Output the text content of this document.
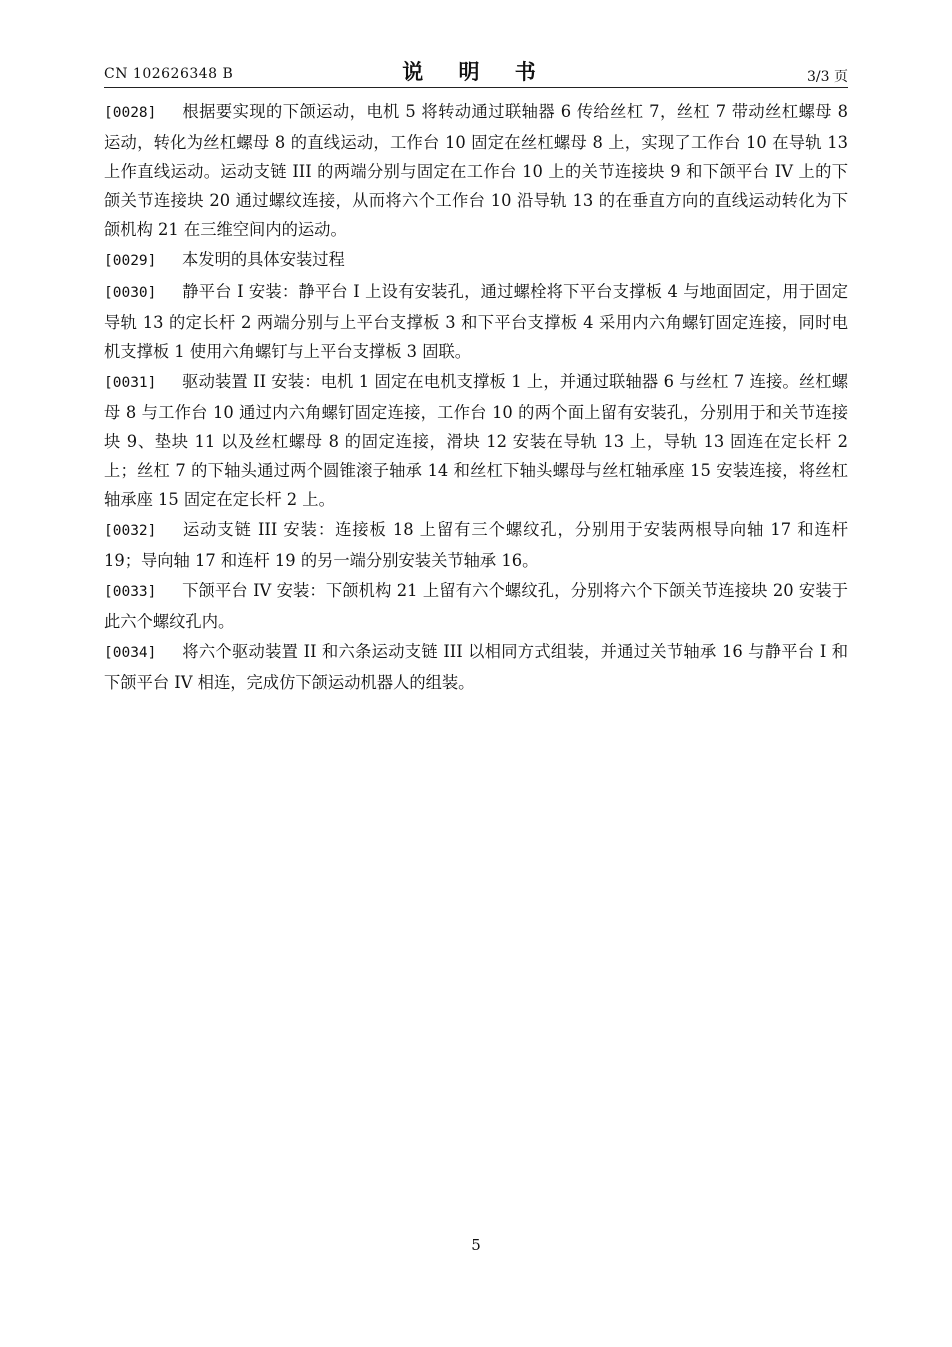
CN 102626348 B	说 明 书	3/3 页

[0028] 根据要实现的下颌运动，电机 5 将转动通过联轴器 6 传给丝杠 7，丝杠 7 带动丝杠螺母 8 运动，转化为丝杠螺母 8 的直线运动，工作台 10 固定在丝杠螺母 8 上，实现了工作台 10 在导轨 13 上作直线运动。运动支链 III 的两端分别与固定在工作台 10 上的关节连接块 9 和下颌平台 IV 上的下颌关节连接块 20 通过螺纹连接，从而将六个工作台 10 沿导轨 13 的在垂直方向的直线运动转化为下颌机构 21 在三维空间内的运动。

[0029] 本发明的具体安装过程

[0030] 静平台 I 安装：静平台 I 上设有安装孔，通过螺栓将下平台支撑板 4 与地面固定，用于固定导轨 13 的定长杆 2 两端分别与上平台支撑板 3 和下平台支撑板 4 采用内六角螺钉固定连接，同时电机支撑板 1 使用六角螺钉与上平台支撑板 3 固联。

[0031] 驱动装置 II 安装：电机 1 固定在电机支撑板 1 上，并通过联轴器 6 与丝杠 7 连接。丝杠螺母 8 与工作台 10 通过内六角螺钉固定连接，工作台 10 的两个面上留有安装孔，分别用于和关节连接块 9、垫块 11 以及丝杠螺母 8 的固定连接，滑块 12 安装在导轨 13 上，导轨 13 固连在定长杆 2 上；丝杠 7 的下轴头通过两个圆锥滚子轴承 14 和丝杠下轴头螺母与丝杠轴承座 15 安装连接，将丝杠轴承座 15 固定在定长杆 2 上。

[0032] 运动支链 III 安装：连接板 18 上留有三个螺纹孔，分别用于安装两根导向轴 17 和连杆 19；导向轴 17 和连杆 19 的另一端分别安装关节轴承 16。

[0033] 下颌平台 IV 安装：下颌机构 21 上留有六个螺纹孔，分别将六个下颌关节连接块 20 安装于此六个螺纹孔内。

[0034] 将六个驱动装置 II 和六条运动支链 III 以相同方式组装，并通过关节轴承 16 与静平台 I 和下颌平台 IV 相连，完成仿下颌运动机器人的组装。

5
